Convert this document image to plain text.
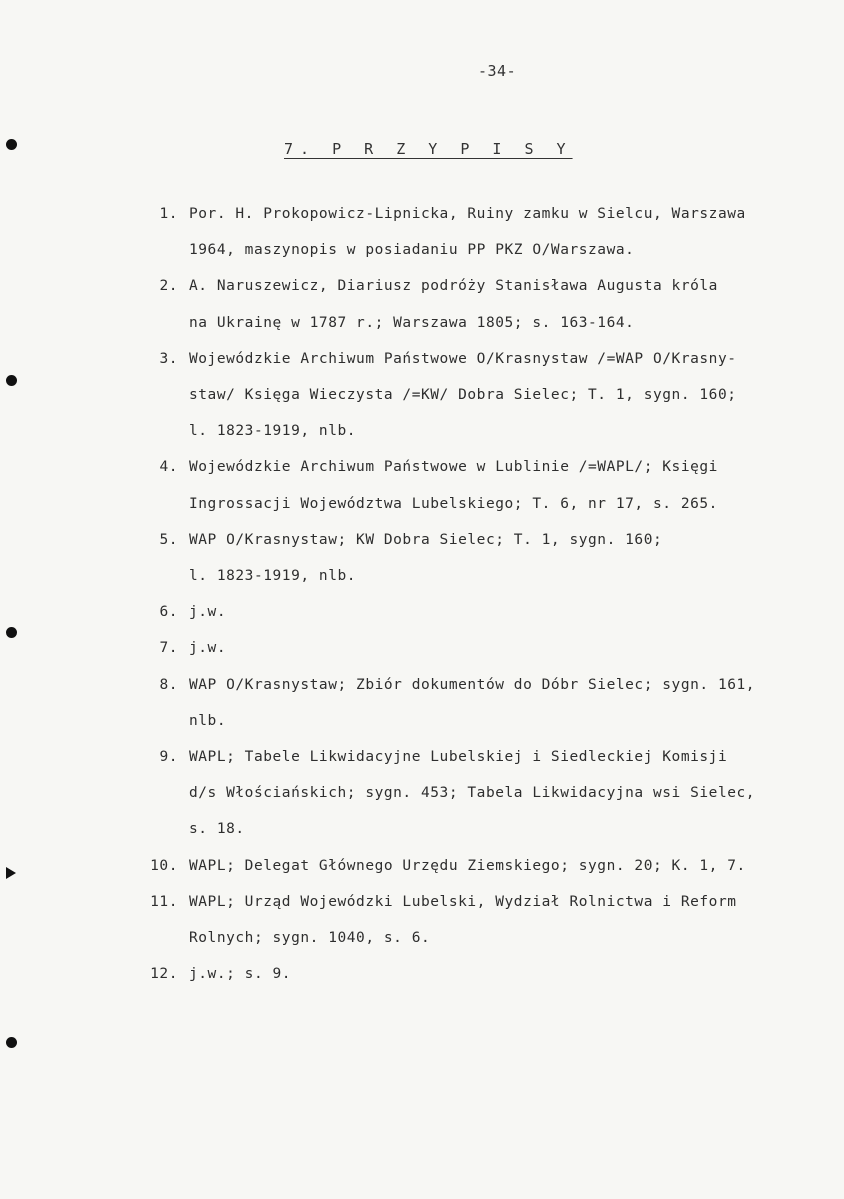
-34-
7. P R Z Y P I S Y
1. Por. H. Prokopowicz-Lipnicka, Ruiny zamku w Sielcu, Warszawa
1964, maszynopis w posiadaniu PP PKZ O/Warszawa.
2. A. Naruszewicz, Diariusz podróży Stanisława Augusta króla
na Ukrainę w 1787 r.; Warszawa 1805; s. 163-164.
3. Wojewódzkie Archiwum Państwowe O/Krasnystaw /=WAP O/Krasny-
staw/ Księga Wieczysta /=KW/ Dobra Sielec; T. 1, sygn. 160;
l. 1823-1919, nlb.
4. Wojewódzkie Archiwum Państwowe w Lublinie /=WAPL/; Księgi
Ingrossacji Województwa Lubelskiego; T. 6, nr 17, s. 265.
5. WAP O/Krasnystaw; KW Dobra Sielec; T. 1, sygn. 160;
l. 1823-1919, nlb.
6. j.w.
7. j.w.
8. WAP O/Krasnystaw; Zbiór dokumentów do Dóbr Sielec; sygn. 161,
nlb.
9. WAPL; Tabele Likwidacyjne Lubelskiej i Siedleckiej Komisji
d/s Włościańskich; sygn. 453; Tabela Likwidacyjna wsi Sielec,
s. 18.
10. WAPL; Delegat Głównego Urzędu Ziemskiego; sygn. 20; K. 1, 7.
11. WAPL; Urząd Wojewódzki Lubelski, Wydział Rolnictwa i Reform
Rolnych; sygn. 1040, s. 6.
12. j.w.; s. 9.
